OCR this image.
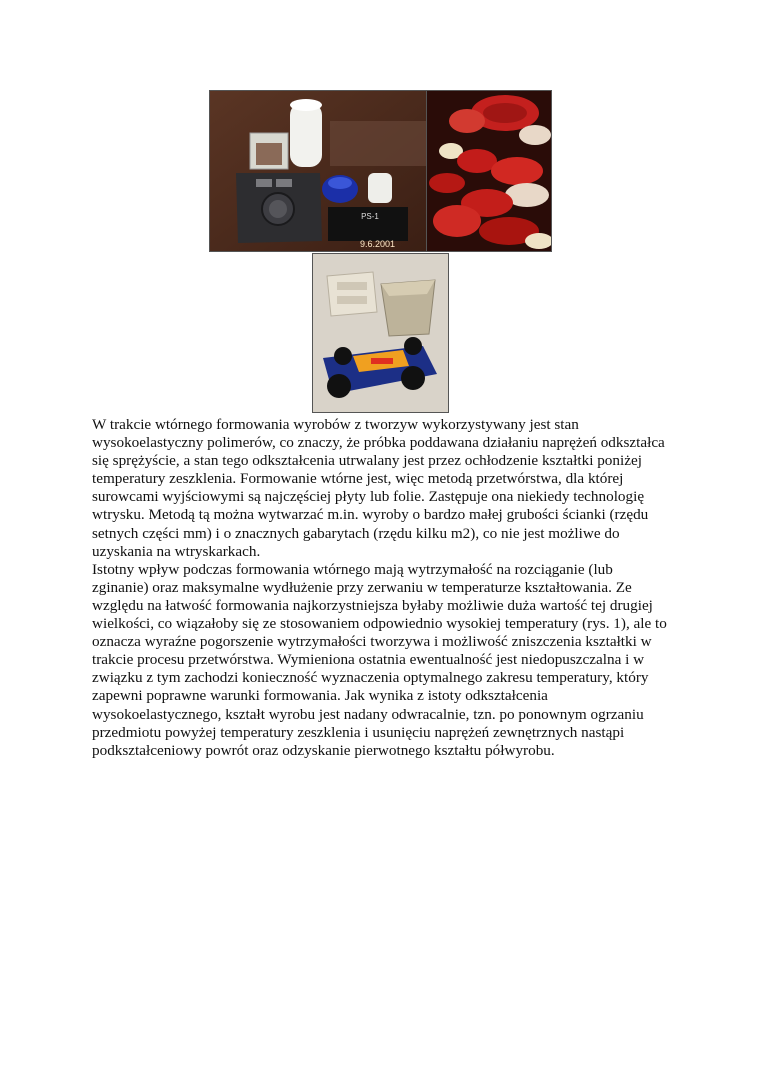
PS-1
9.6.2001

W trakcie wtórnego formowania wyrobów z tworzyw wykorzystywany jest stan wysokoelastyczny polimerów, co znaczy, że próbka poddawana działaniu naprężeń odkształca się sprężyście, a stan tego odkształcenia utrwalany jest przez ochłodzenie kształtki poniżej temperatury zeszklenia. Formowanie wtórne jest, więc metodą przetwórstwa, dla której surowcami wyjściowymi są najczęściej płyty lub folie. Zastępuje ona niekiedy technologię wtrysku. Metodą tą można wytwarzać m.in. wyroby o bardzo małej grubości ścianki (rzędu setnych części mm) i o znacznych gabarytach (rzędu kilku m2), co nie jest możliwe do uzyskania na wtryskarkach.

Istotny wpływ podczas formowania wtórnego mają wytrzymałość na rozciąganie (lub zginanie) oraz maksymalne wydłużenie przy zerwaniu w temperaturze kształtowania. Ze względu na łatwość formowania najkorzystniejsza byłaby możliwie duża wartość tej drugiej wielkości, co wiązałoby się ze stosowaniem odpowiednio wysokiej temperatury (rys. 1), ale to oznacza wyraźne pogorszenie wytrzymałości tworzywa i możliwość zniszczenia kształtki w trakcie procesu przetwórstwa. Wymieniona ostatnia ewentualność jest niedopuszczalna i w związku z tym zachodzi konieczność wyznaczenia optymalnego zakresu temperatury, który zapewni poprawne warunki formowania. Jak wynika z istoty odkształcenia wysokoelastycznego, kształt wyrobu jest nadany odwracalnie, tzn. po ponownym ogrzaniu przedmiotu powyżej temperatury zeszklenia i usunięciu naprężeń zewnętrznych nastąpi podkształceniowy powrót oraz odzyskanie pierwotnego kształtu półwyrobu.
